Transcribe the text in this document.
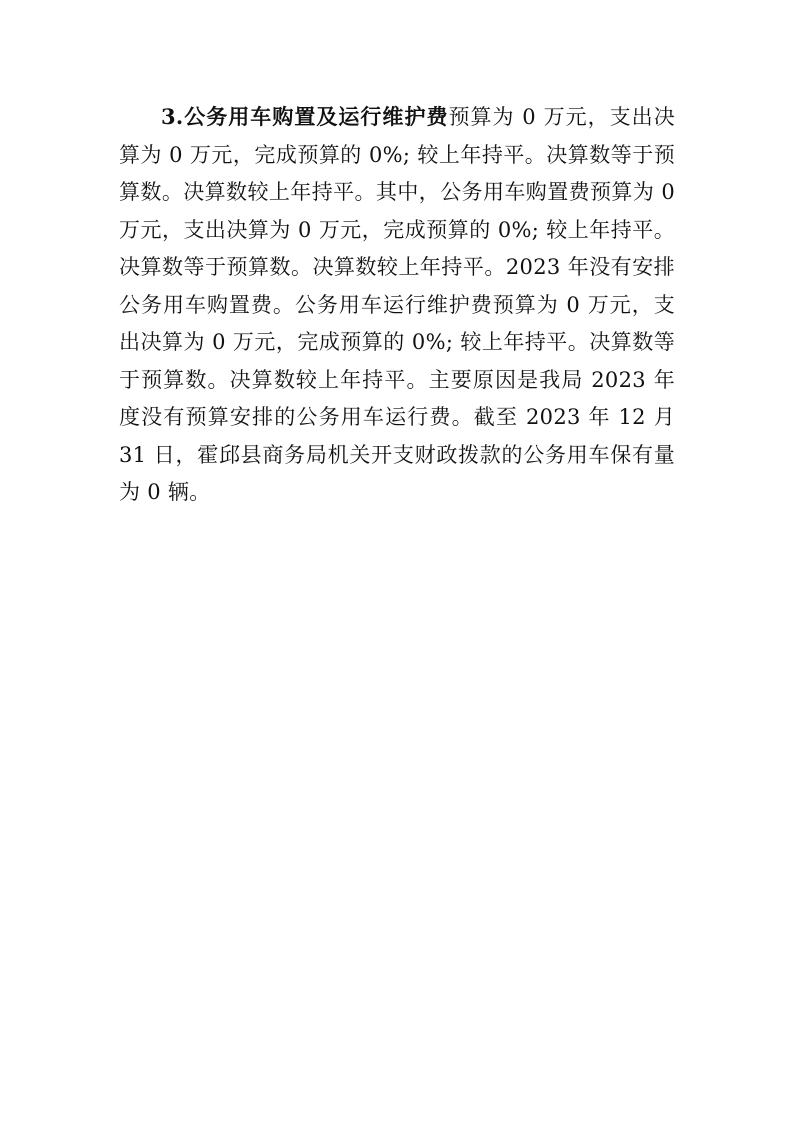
3.公务用车购置及运行维护费预算为 0 万元，支出决算为 0 万元，完成预算的 0%; 较上年持平。决算数等于预算数。决算数较上年持平。其中，公务用车购置费预算为 0 万元，支出决算为 0 万元，完成预算的 0%; 较上年持平。决算数等于预算数。决算数较上年持平。2023 年没有安排公务用车购置费。公务用车运行维护费预算为 0 万元，支出决算为 0 万元，完成预算的 0%; 较上年持平。决算数等于预算数。决算数较上年持平。主要原因是我局 2023 年度没有预算安排的公务用车运行费。截至 2023 年 12 月 31 日，霍邱县商务局机关开支财政拨款的公务用车保有量为 0 辆。
